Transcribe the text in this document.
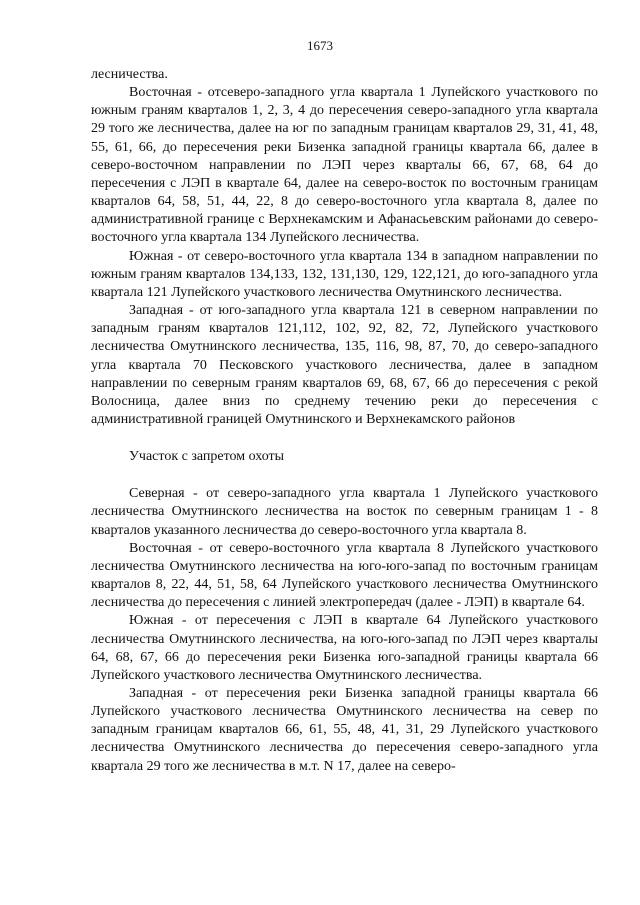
1673

лесничества.

Восточная - отсеверо-западного угла квартала 1 Лупейского участкового по южным граням кварталов 1, 2, 3, 4 до пересечения северо-западного угла квартала 29 того же лесничества, далее на юг по западным границам кварталов 29, 31, 41, 48, 55, 61, 66, до пересечения реки Бизенка западной границы квартала 66, далее в северо-восточном направлении по ЛЭП через кварталы 66, 67, 68, 64 до пересечения с ЛЭП в квартале 64, далее на северо-восток по восточным границам кварталов 64, 58, 51, 44, 22, 8 до северо-восточного угла квартала 8, далее по административной границе с Верхнекамским и Афанасьевским районами до северо-восточного угла квартала 134 Лупейского лесничества.

Южная - от северо-восточного угла квартала 134 в западном направлении по южным граням кварталов 134,133, 132, 131,130, 129, 122,121, до юго-западного угла квартала 121 Лупейского участкового лесничества Омутнинского лесничества.

Западная - от юго-западного угла квартала 121 в северном направлении по западным граням кварталов 121,112, 102, 92, 82, 72, Лупейского участкового лесничества Омутнинского лесничества, 135, 116, 98, 87, 70, до северо-западного угла квартала 70 Песковского участкового лесничества, далее в западном направлении по северным граням кварталов 69, 68, 67, 66 до пересечения с рекой Волосница, далее вниз по среднему течению реки до пересечения с административной границей Омутнинского и Верхнекамского районов

Участок с запретом охоты

Северная - от северо-западного угла квартала 1 Лупейского участкового лесничества Омутнинского лесничества на восток по северным границам 1 - 8 кварталов указанного лесничества до северо-восточного угла квартала 8.

Восточная - от северо-восточного угла квартала 8 Лупейского участкового лесничества Омутнинского лесничества на юго-юго-запад по восточным границам кварталов 8, 22, 44, 51, 58, 64 Лупейского участкового лесничества Омутнинского лесничества до пересечения с линией электропередач (далее - ЛЭП) в квартале 64.

Южная - от пересечения с ЛЭП в квартале 64 Лупейского участкового лесничества Омутнинского лесничества, на юго-юго-запад по ЛЭП через кварталы 64, 68, 67, 66 до пересечения реки Бизенка юго-западной границы квартала 66 Лупейского участкового лесничества Омутнинского лесничества.

Западная - от пересечения реки Бизенка западной границы квартала 66 Лупейского участкового лесничества Омутнинского лесничества на север по западным границам кварталов 66, 61, 55, 48, 41, 31, 29 Лупейского участкового лесничества Омутнинского лесничества до пересечения северо-западного угла квартала 29 того же лесничества в м.т. N 17, далее на северо-
